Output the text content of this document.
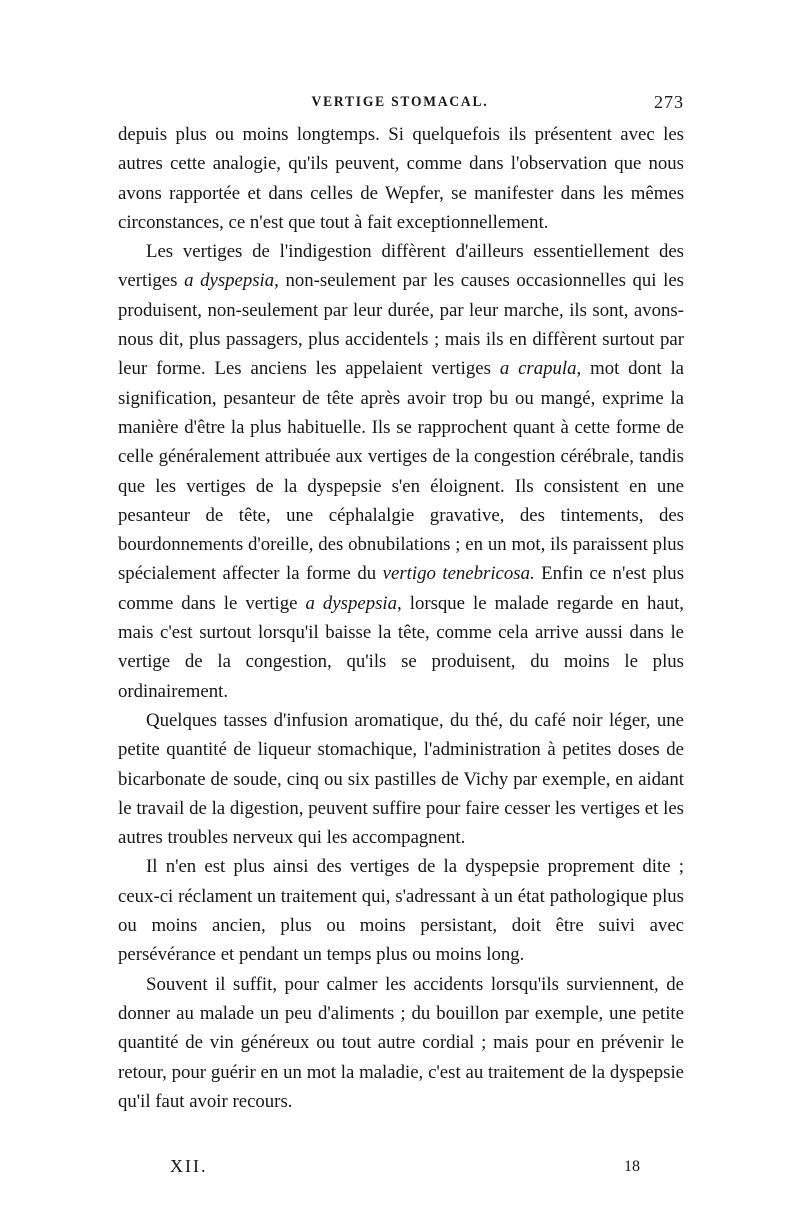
VERTIGE STOMACAL.	273

depuis plus ou moins longtemps. Si quelquefois ils présentent avec les autres cette analogie, qu'ils peuvent, comme dans l'observation que nous avons rapportée et dans celles de Wepfer, se manifester dans les mêmes circonstances, ce n'est que tout à fait exceptionnellement.

Les vertiges de l'indigestion diffèrent d'ailleurs essentiellement des vertiges a dyspepsia, non-seulement par les causes occasionnelles qui les produisent, non-seulement par leur durée, par leur marche, ils sont, avons-nous dit, plus passagers, plus accidentels ; mais ils en diffèrent surtout par leur forme. Les anciens les appelaient vertiges a crapula, mot dont la signification, pesanteur de tête après avoir trop bu ou mangé, exprime la manière d'être la plus habituelle. Ils se rapprochent quant à cette forme de celle généralement attribuée aux vertiges de la congestion cérébrale, tandis que les vertiges de la dyspepsie s'en éloignent. Ils consistent en une pesanteur de tête, une céphalalgie gravative, des tintements, des bourdonnements d'oreille, des obnubilations ; en un mot, ils paraissent plus spécialement affecter la forme du vertigo tenebricosa. Enfin ce n'est plus comme dans le vertige a dyspepsia, lorsque le malade regarde en haut, mais c'est surtout lorsqu'il baisse la tête, comme cela arrive aussi dans le vertige de la congestion, qu'ils se produisent, du moins le plus ordinairement.

Quelques tasses d'infusion aromatique, du thé, du café noir léger, une petite quantité de liqueur stomachique, l'administration à petites doses de bicarbonate de soude, cinq ou six pastilles de Vichy par exemple, en aidant le travail de la digestion, peuvent suffire pour faire cesser les vertiges et les autres troubles nerveux qui les accompagnent.

Il n'en est plus ainsi des vertiges de la dyspepsie proprement dite ; ceux-ci réclament un traitement qui, s'adressant à un état pathologique plus ou moins ancien, plus ou moins persistant, doit être suivi avec persévérance et pendant un temps plus ou moins long.

Souvent il suffit, pour calmer les accidents lorsqu'ils surviennent, de donner au malade un peu d'aliments ; du bouillon par exemple, une petite quantité de vin généreux ou tout autre cordial ; mais pour en prévenir le retour, pour guérir en un mot la maladie, c'est au traitement de la dyspepsie qu'il faut avoir recours.

XII.	18
